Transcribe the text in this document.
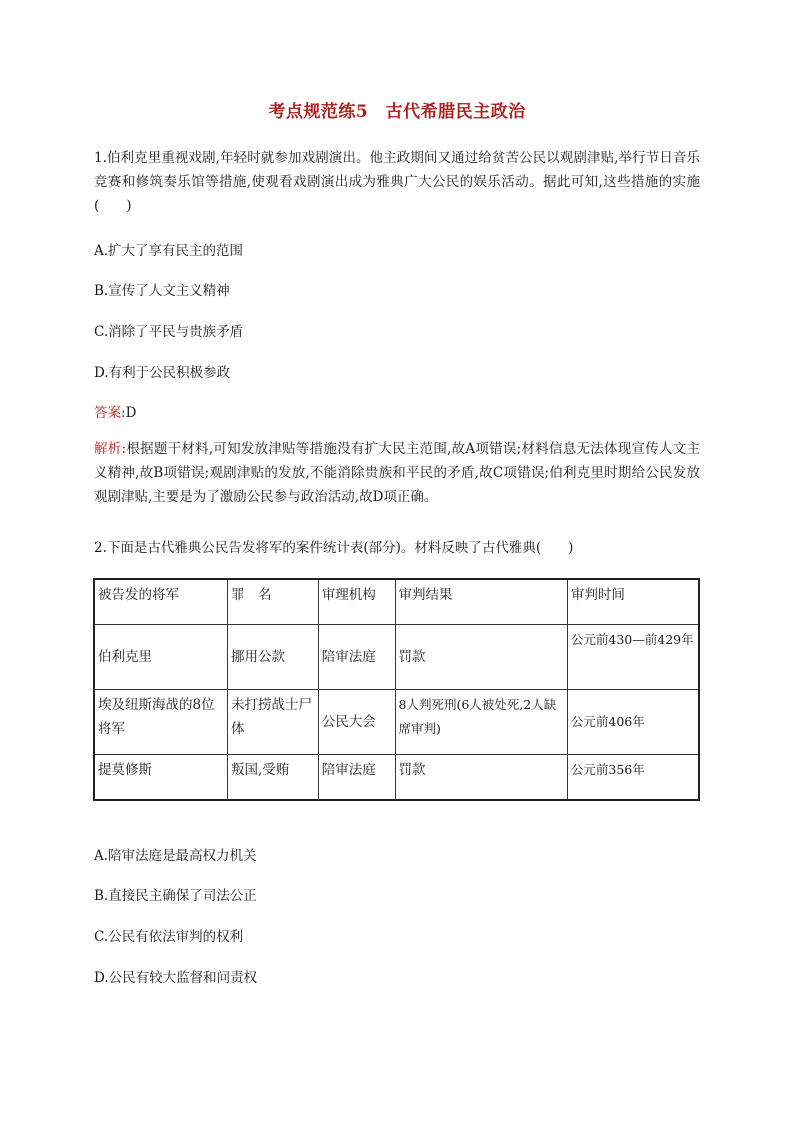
考点规范练5　古代希腊民主政治
1.伯利克里重视戏剧,年轻时就参加戏剧演出。他主政期间又通过给贫苦公民以观剧津贴,举行节日音乐竞赛和修筑奏乐馆等措施,使观看戏剧演出成为雅典广大公民的娱乐活动。据此可知,这些措施的实施(　　)
A.扩大了享有民主的范围
B.宣传了人文主义精神
C.消除了平民与贵族矛盾
D.有利于公民积极参政
答案:D
解析:根据题干材料,可知发放津贴等措施没有扩大民主范围,故A项错误;材料信息无法体现宣传人文主义精神,故B项错误;观剧津贴的发放,不能消除贵族和平民的矛盾,故C项错误;伯利克里时期给公民发放观剧津贴,主要是为了激励公民参与政治活动,故D项正确。
2.下面是古代雅典公民告发将军的案件统计表(部分)。材料反映了古代雅典(　　)
被告发的将军	罪　名	审理机构	审判结果	审判时间
伯利克里	挪用公款	陪审法庭	罚款	公元前430—前429年
埃及纽斯海战的8位将军	未打捞战士尸体	公民大会	8人判死刑(6人被处死,2人缺席审判)	公元前406年
提莫修斯	叛国,受贿	陪审法庭	罚款	公元前356年
A.陪审法庭是最高权力机关
B.直接民主确保了司法公正
C.公民有依法审判的权利
D.公民有较大监督和问责权
